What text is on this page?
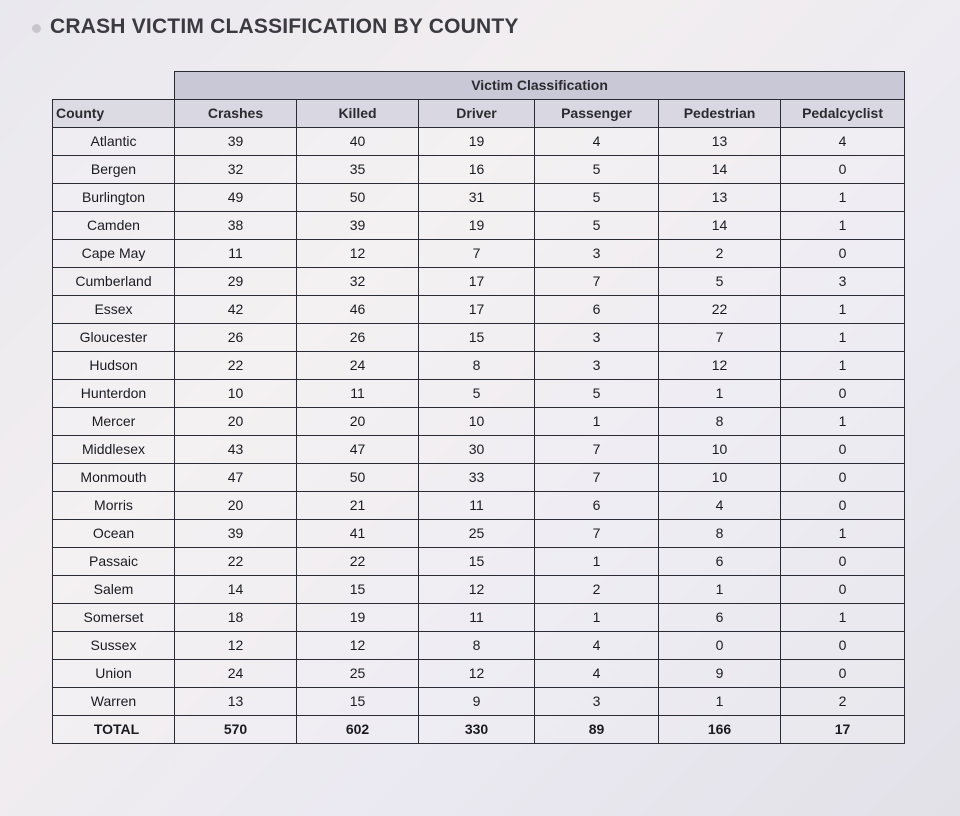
CRASH VICTIM CLASSIFICATION BY COUNTY
	Victim Classification					
County	Crashes	Killed	Driver	Passenger	Pedestrian	Pedalcyclist
Atlantic	39	40	19	4	13	4
Bergen	32	35	16	5	14	0
Burlington	49	50	31	5	13	1
Camden	38	39	19	5	14	1
Cape May	11	12	7	3	2	0
Cumberland	29	32	17	7	5	3
Essex	42	46	17	6	22	1
Gloucester	26	26	15	3	7	1
Hudson	22	24	8	3	12	1
Hunterdon	10	11	5	5	1	0
Mercer	20	20	10	1	8	1
Middlesex	43	47	30	7	10	0
Monmouth	47	50	33	7	10	0
Morris	20	21	11	6	4	0
Ocean	39	41	25	7	8	1
Passaic	22	22	15	1	6	0
Salem	14	15	12	2	1	0
Somerset	18	19	11	1	6	1
Sussex	12	12	8	4	0	0
Union	24	25	12	4	9	0
Warren	13	15	9	3	1	2
TOTAL	570	602	330	89	166	17
